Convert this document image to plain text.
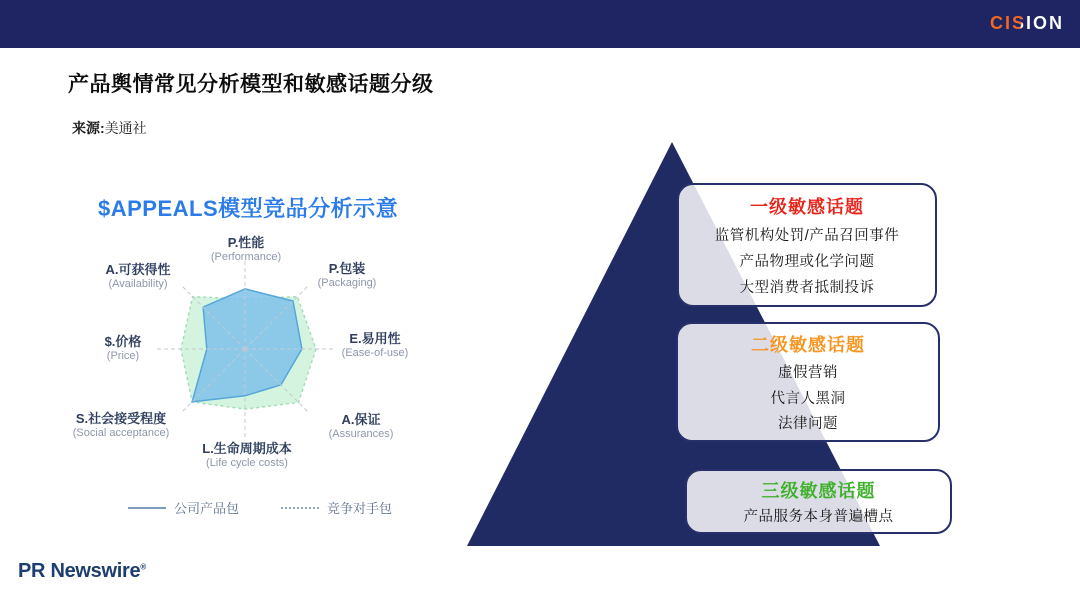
CISION
产品舆情常见分析模型和敏感话题分级
来源:美通社
$APPEALS模型竞品分析示意
P.性能
(Performance)
P.包装
(Packaging)
E.易用性
(Ease-of-use)
A.保证
(Assurances)
L.生命周期成本
(Life cycle costs)
S.社会接受程度
(Social acceptance)
$.价格
(Price)
A.可获得性
(Availability)
公司产品包	竞争对手包
一级敏感话题
监管机构处罚/产品召回事件
产品物理或化学问题
大型消费者抵制投诉
二级敏感话题
虚假营销
代言人黑洞
法律问题
三级敏感话题
产品服务本身普遍槽点
PR Newswire®
